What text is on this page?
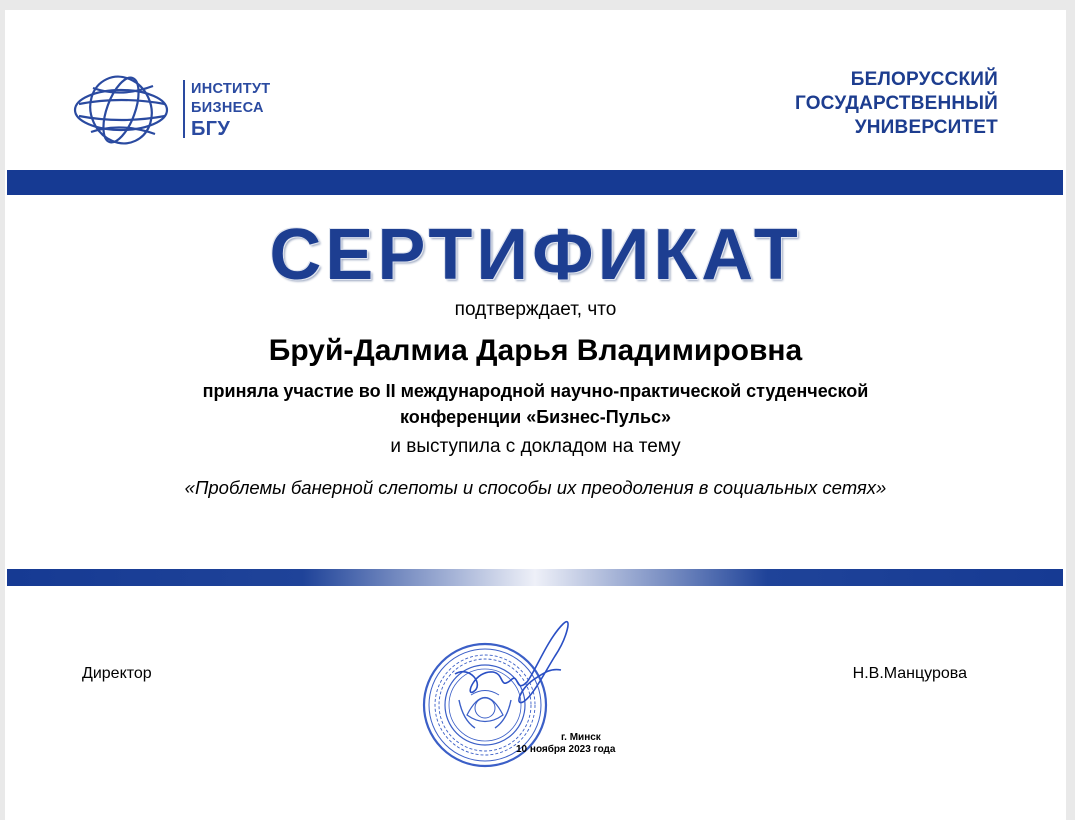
ИНСТИТУТ
БИЗНЕСА
БГУ
БЕЛОРУССКИЙ
ГОСУДАРСТВЕННЫЙ
УНИВЕРСИТЕТ
СЕРТИФИКАТ
подтверждает, что
Бруй-Далмиа Дарья Владимировна
приняла участие во II международной научно-практической студенческой
конференции «Бизнес-Пульс»
и выступила с докладом на тему
«Проблемы банерной слепоты и способы их преодоления в социальных сетях»
Директор	Н.В.Манцурова
г. Минск
10 ноября 2023 года
